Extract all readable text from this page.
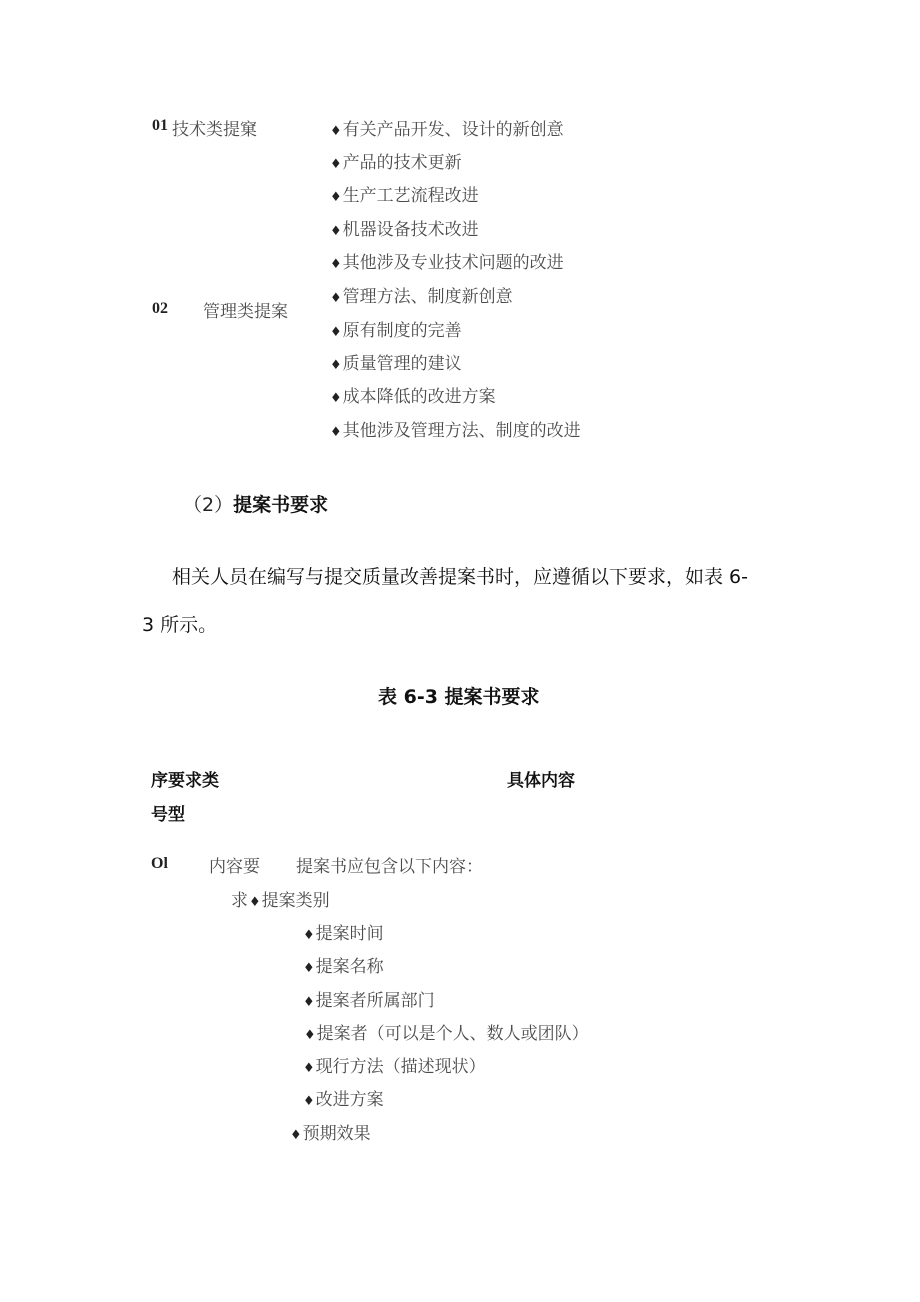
01 技术类提窠	♦有关产品开发、设计的新创意
♦产品的技术更新
♦生产工艺流程改进
♦机器设备技术改进
♦其他涉及专业技术问题的改进
02 管理类提案
♦管理方法、制度新创意
♦原有制度的完善
♦质量管理的建议
♦成本降低的改进方案
♦其他涉及管理方法、制度的改进
（2）提案书要求
相关人员在编写与提交质量改善提案书时，应遵循以下要求，如表 6-
3 所示。
表 6-3 提案书要求
序要求类
号型
具体内容
Ol 内容要 提案书应包含以下内容：
求 ♦提案类别
♦提案时间
♦提案名称
♦提案者所属部门
♦提案者（可以是个人、数人或团队）
♦现行方法（描述现状）
♦改进方案
♦预期效果
